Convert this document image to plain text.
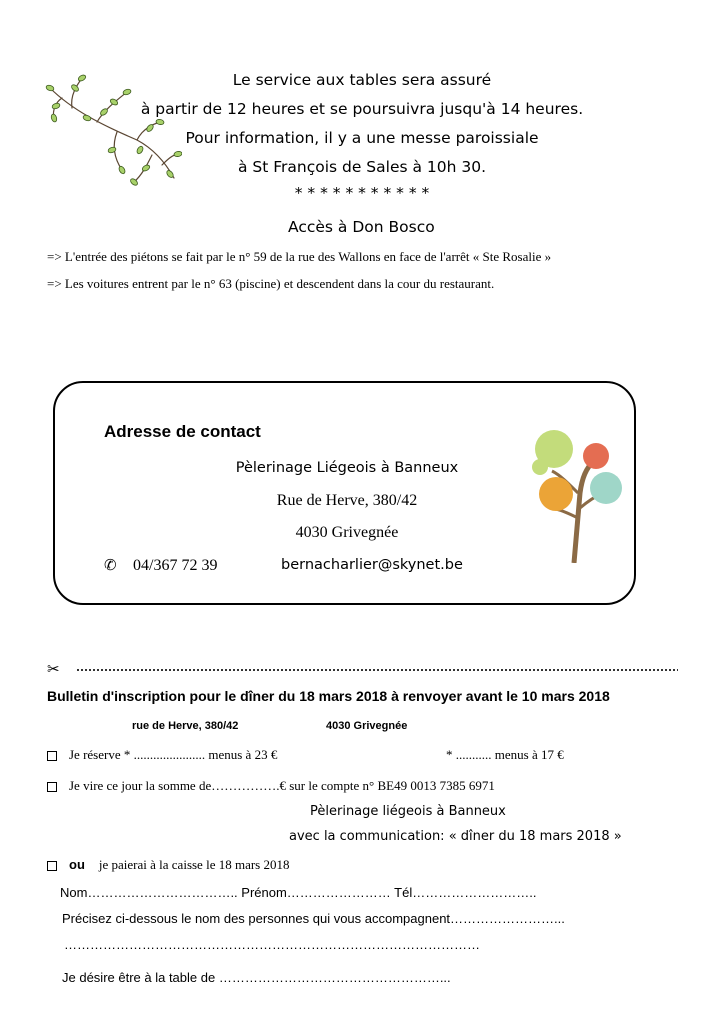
Le service aux tables sera assuré
à partir de 12 heures et se poursuivra jusqu'à 14 heures.
Pour information, il y a une messe paroissiale
à St François de Sales à 10h 30.
* * * * * * * * * * *
Accès à Don Bosco
=> L'entrée des piétons se fait par le n° 59 de la rue des Wallons en face de l'arrêt « Ste Rosalie »
=> Les voitures entrent par le n° 63 (piscine) et descendent dans la cour du restaurant.
Adresse de contact
Pèlerinage Liégeois à Banneux
Rue de Herve, 380/42
4030 Grivegnée
✆ 04/367 72 39	bernacharlier@skynet.be
✂
Bulletin d'inscription pour le dîner du 18 mars 2018 à renvoyer avant le 10 mars 2018
rue de Herve, 380/42	4030 Grivegnée
Je réserve * ...................... menus à 23 €	* ........... menus à 17 €
Je vire ce jour la somme de…………….€ sur le compte n° BE49 0013 7385 6971
Pèlerinage liégeois à Banneux
avec la communication: « dîner du 18 mars 2018 »
ou je paierai à la caisse le 18 mars 2018
Nom…………………………….. Prénom…………………… Tél………………………..
Précisez ci-dessous le nom des personnes qui vous accompagnent……………………...
……………………………………………………………………………………
Je désire être à la table de ……………………………………………...
